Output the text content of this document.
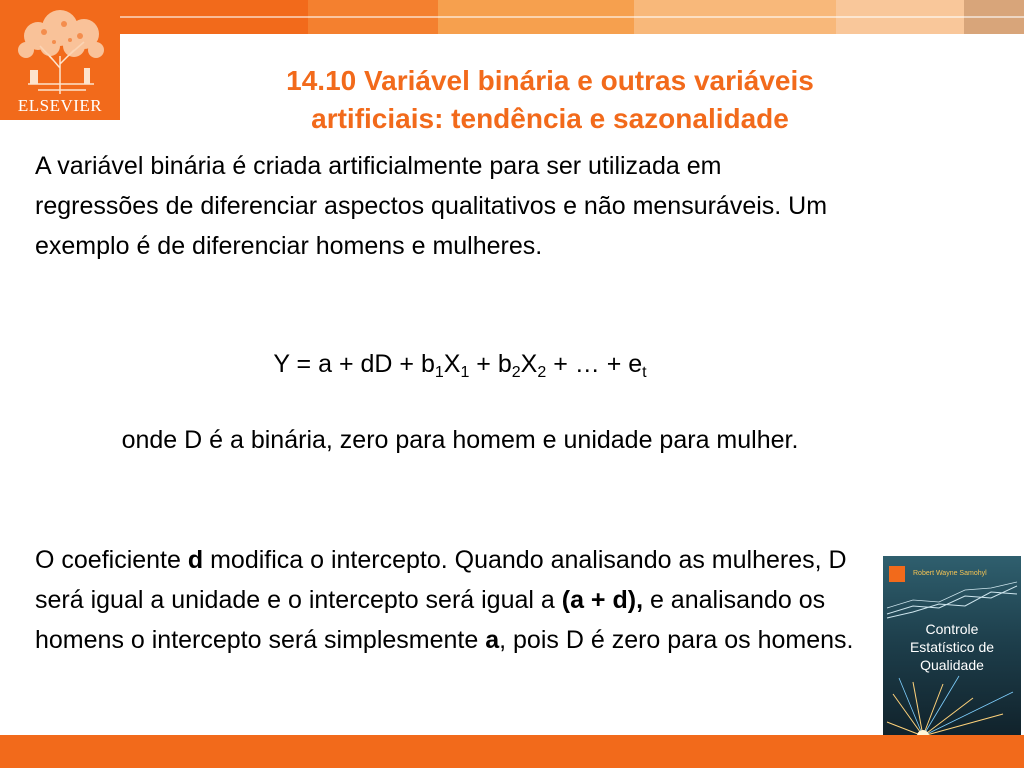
ELSEVIER
14.10 Variável binária e outras variáveis
artificiais: tendência e sazonalidade
A variável binária é criada artificialmente para ser utilizada em regressões de diferenciar aspectos qualitativos e não mensuráveis. Um exemplo é de diferenciar homens e mulheres.
Y = a + dD + $b_1X_1 + b_2X_2$ + … + $e_t$
onde D é a binária, zero para homem e unidade para mulher.
O coeficiente d modifica o intercepto. Quando analisando as mulheres, D será igual a unidade e o intercepto será igual a (a + d), e analisando os homens o intercepto será simplesmente a, pois D é zero para os homens.
Robert Wayne Samohyl
Controle
Estatístico de
Qualidade
